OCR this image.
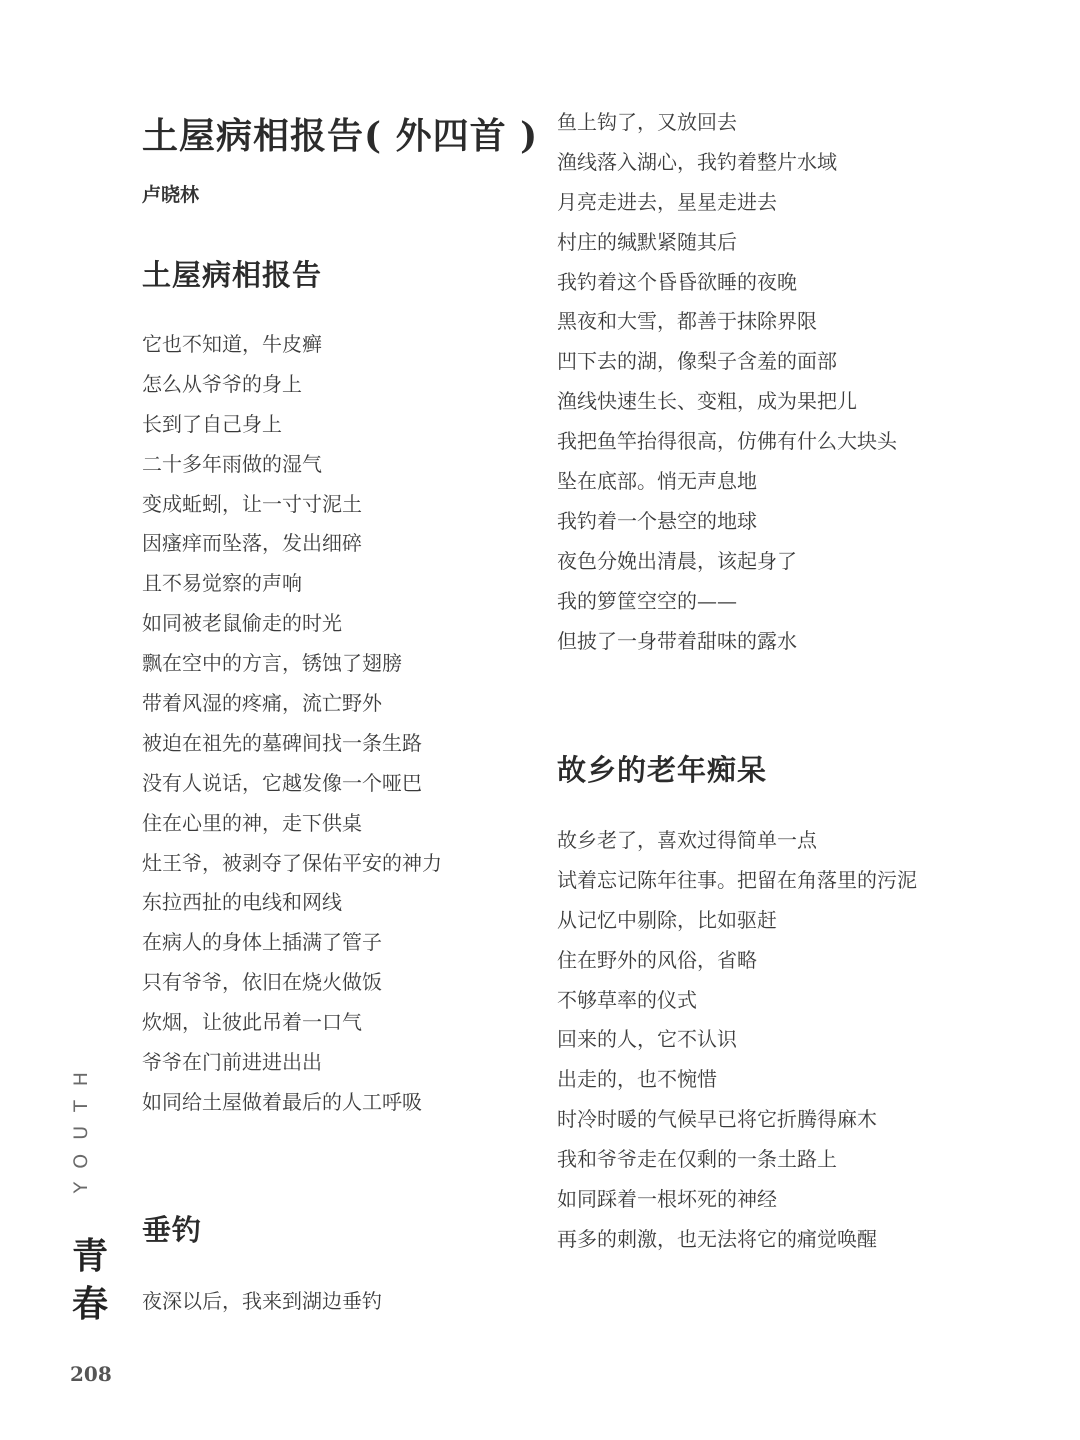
土屋病相报告( 外四首 )
卢晓林
土屋病相报告
它也不知道，牛皮癣
怎么从爷爷的身上
长到了自己身上
二十多年雨做的湿气
变成蚯蚓，让一寸寸泥土
因瘙痒而坠落，发出细碎
且不易觉察的声响
如同被老鼠偷走的时光
飘在空中的方言，锈蚀了翅膀
带着风湿的疼痛，流亡野外
被迫在祖先的墓碑间找一条生路
没有人说话，它越发像一个哑巴
住在心里的神，走下供桌
灶王爷，被剥夺了保佑平安的神力
东拉西扯的电线和网线
在病人的身体上插满了管子
只有爷爷，依旧在烧火做饭
炊烟，让彼此吊着一口气
爷爷在门前进进出出
如同给土屋做着最后的人工呼吸
垂钓
夜深以后，我来到湖边垂钓
鱼上钩了，又放回去
渔线落入湖心，我钓着整片水域
月亮走进去，星星走进去
村庄的缄默紧随其后
我钓着这个昏昏欲睡的夜晚
黑夜和大雪，都善于抹除界限
凹下去的湖，像梨子含羞的面部
渔线快速生长、变粗，成为果把儿
我把鱼竿抬得很高，仿佛有什么大块头
坠在底部。悄无声息地
我钓着一个悬空的地球
夜色分娩出清晨，该起身了
我的箩筐空空的——
但披了一身带着甜味的露水
故乡的老年痴呆
故乡老了，喜欢过得简单一点
试着忘记陈年往事。把留在角落里的污泥
从记忆中剔除，比如驱赶
住在野外的风俗，省略
不够草率的仪式
回来的人，它不认识
出走的，也不惋惜
时冷时暖的气候早已将它折腾得麻木
我和爷爷走在仅剩的一条土路上
如同踩着一根坏死的神经
再多的刺激，也无法将它的痛觉唤醒
YOUTH
青
春
208
